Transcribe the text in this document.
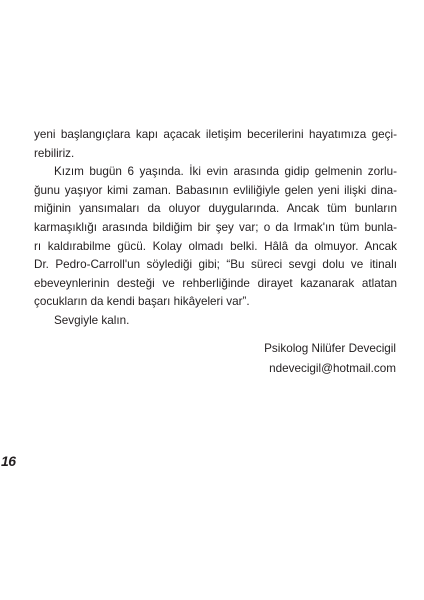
yeni başlangıçlara kapı açacak iletişim becerilerini hayatımıza geçi-
rebiliriz.
Kızım bugün 6 yaşında. İki evin arasında gidip gelmenin zorlu-
ğunu yaşıyor kimi zaman. Babasının evliliğiyle gelen yeni ilişki dina-
miğinin yansımaları da oluyor duygularında. Ancak tüm bunların
karmaşıklığı arasında bildiğim bir şey var; o da Irmak'ın tüm bunla-
rı kaldırabilme gücü. Kolay olmadı belki. Hâlâ da olmuyor. Ancak
Dr. Pedro-Carroll'un söylediği gibi; “Bu süreci sevgi dolu ve itinalı
ebeveynlerinin desteği ve rehberliğinde dirayet kazanarak atlatan
çocukların da kendi başarı hikâyeleri var”.
Sevgiyle kalın.
Psikolog Nilüfer Devecigil
ndevecigil@hotmail.com
16
